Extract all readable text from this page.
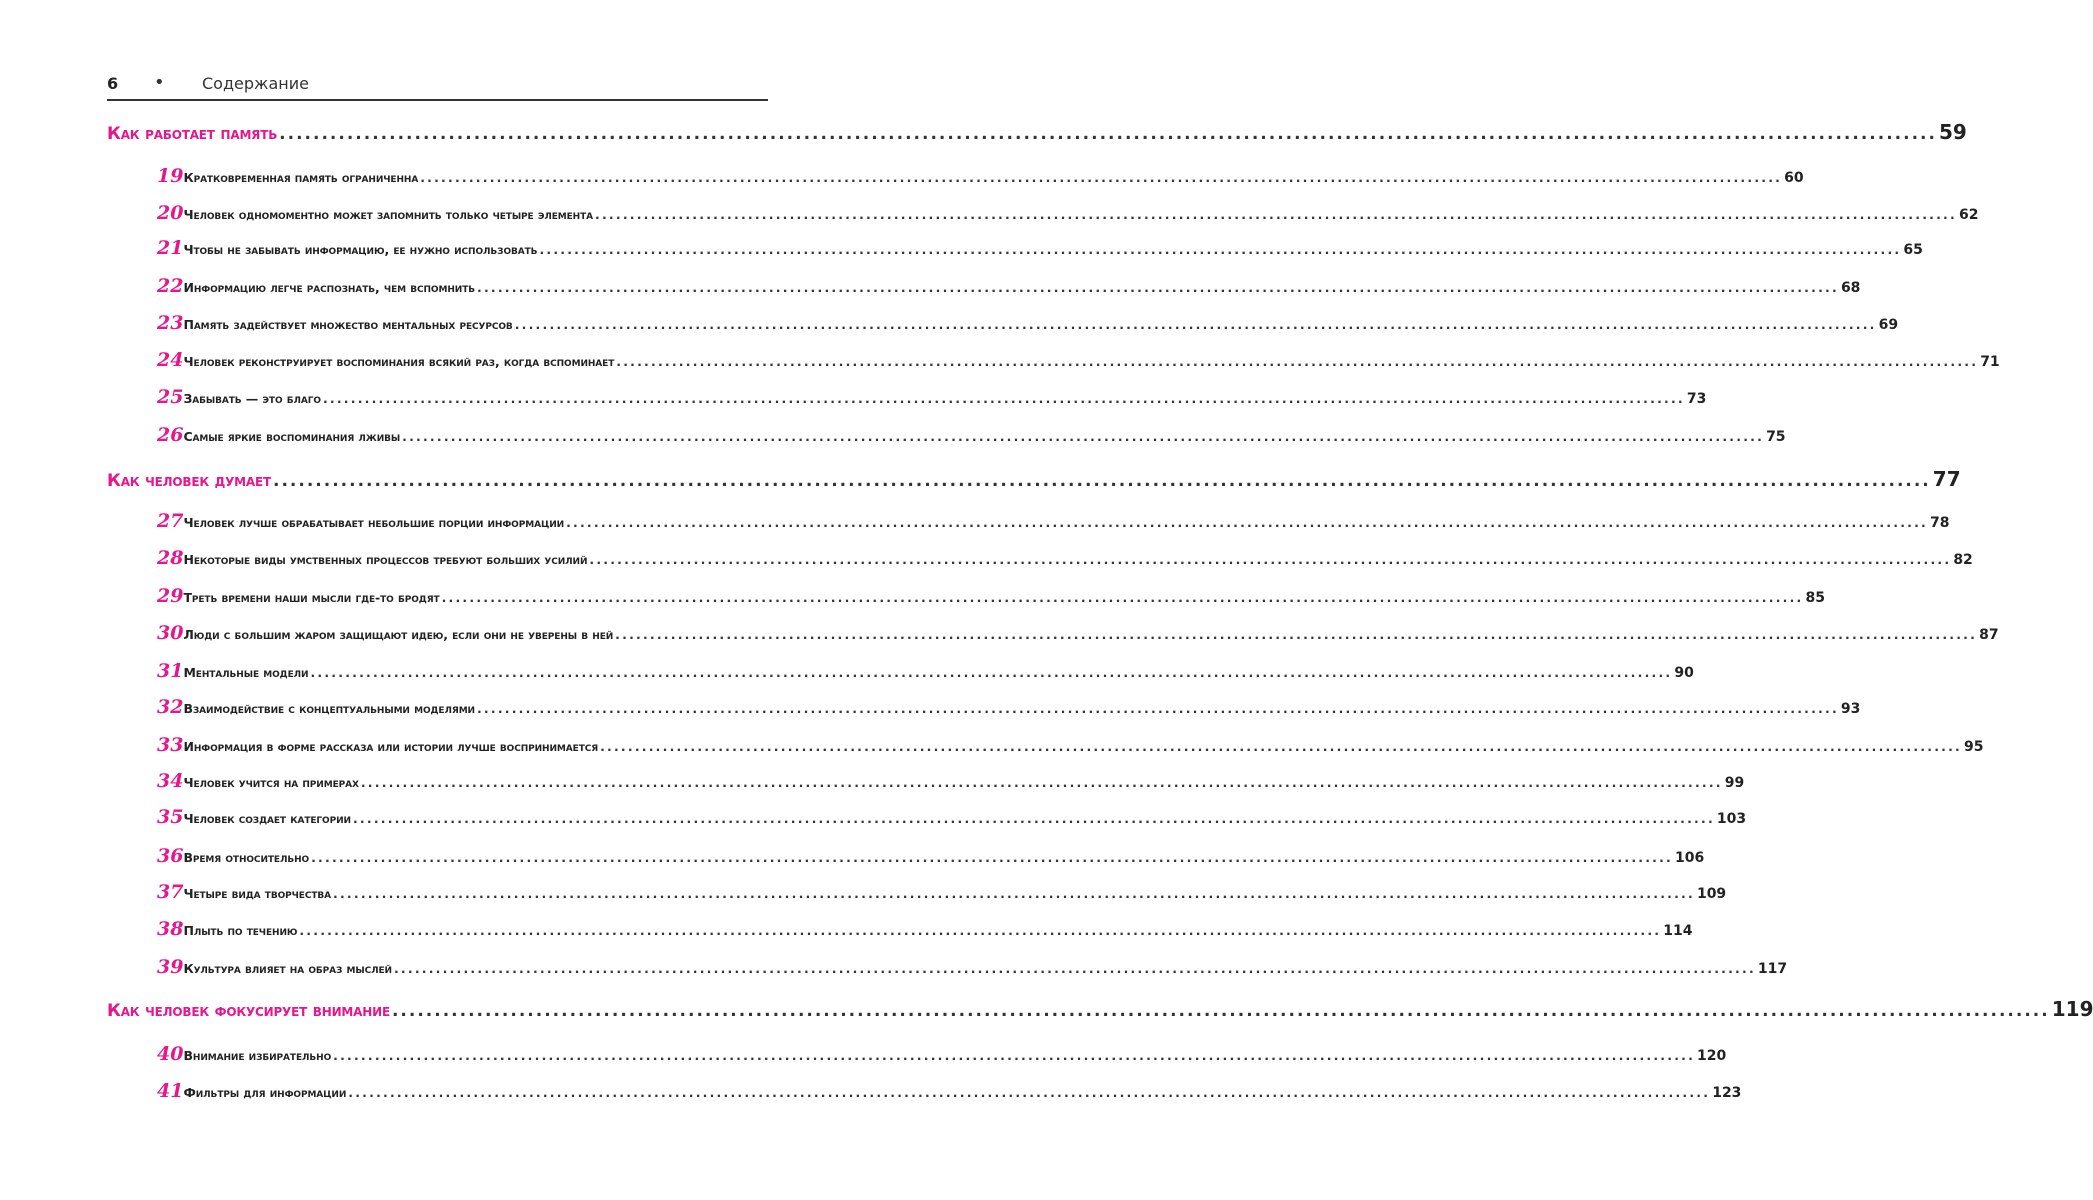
6 • Содержание
Как работает память .................................................................................................................................................................................................... 59
19 Кратковременная память ограниченна .................................................................................................................................................................................................... 60
20 Человек одномоментно может запомнить только четыре элемента .................................................................................................................................................................................................... 62
21 Чтобы не забывать информацию, ее нужно использовать .................................................................................................................................................................................................... 65
22 Информацию легче распознать, чем вспомнить .................................................................................................................................................................................................... 68
23 Память задействует множество ментальных ресурсов .................................................................................................................................................................................................... 69
24 Человек реконструирует воспоминания всякий раз, когда вспоминает .................................................................................................................................................................................................... 71
25 Забывать — это благо .................................................................................................................................................................................................... 73
26 Самые яркие воспоминания лживы .................................................................................................................................................................................................... 75
Как человек думает .................................................................................................................................................................................................... 77
27 Человек лучше обрабатывает небольшие порции информации .................................................................................................................................................................................................... 78
28 Некоторые виды умственных процессов требуют больших усилий .................................................................................................................................................................................................... 82
29 Треть времени наши мысли где-то бродят .................................................................................................................................................................................................... 85
30 Люди с большим жаром защищают идею, если они не уверены в ней .................................................................................................................................................................................................... 87
31 Ментальные модели .................................................................................................................................................................................................... 90
32 Взаимодействие с концептуальными моделями .................................................................................................................................................................................................... 93
33 Информация в форме рассказа или истории лучше воспринимается .................................................................................................................................................................................................... 95
34 Человек учится на примерах .................................................................................................................................................................................................... 99
35 Человек создает категории .................................................................................................................................................................................................... 103
36 Время относительно .................................................................................................................................................................................................... 106
37 Четыре вида творчества .................................................................................................................................................................................................... 109
38 Плыть по течению .................................................................................................................................................................................................... 114
39 Культура влияет на образ мыслей .................................................................................................................................................................................................... 117
Как человек фокусирует внимание .................................................................................................................................................................................................... 119
40 Внимание избирательно .................................................................................................................................................................................................... 120
41 Фильтры для информации .................................................................................................................................................................................................... 123
